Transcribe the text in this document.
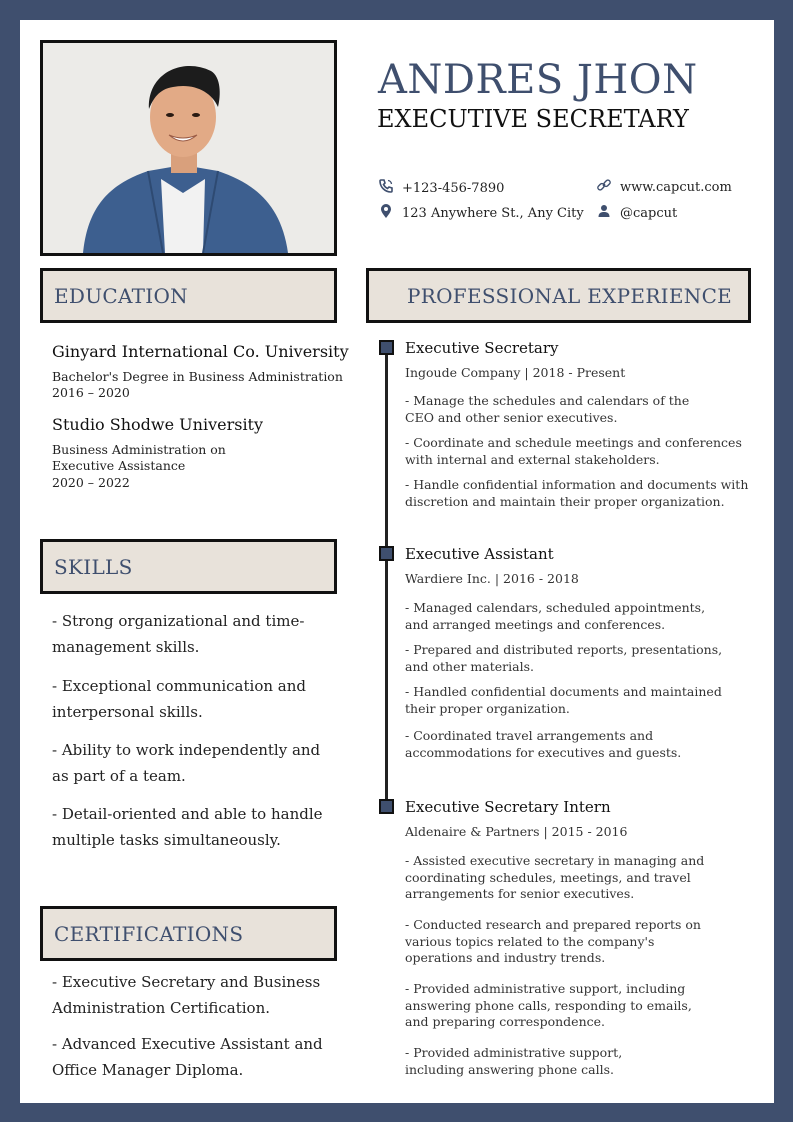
ANDRES JHON
EXECUTIVE SECRETARY
+123-456-7890	www.capcut.com
123 Anywhere St., Any City	@capcut
EDUCATION
Ginyard International Co. University
Bachelor's Degree in Business Administration
2016 – 2020
Studio Shodwe University
Business Administration on
Executive Assistance
2020 – 2022
SKILLS
- Strong organizational and time-management skills.
- Exceptional communication and interpersonal skills.
- Ability to work independently and as part of a team.
- Detail-oriented and able to handle multiple tasks simultaneously.
CERTIFICATIONS
- Executive Secretary and Business Administration Certification.
- Advanced Executive Assistant and Office Manager Diploma.
PROFESSIONAL EXPERIENCE
Executive Secretary
Ingoude Company | 2018 - Present
- Manage the schedules and calendars of the CEO and other senior executives.
- Coordinate and schedule meetings and conferences with internal and external stakeholders.
- Handle confidential information and documents with discretion and maintain their proper organization.
Executive Assistant
Wardiere Inc. | 2016 - 2018
- Managed calendars, scheduled appointments, and arranged meetings and conferences.
- Prepared and distributed reports, presentations, and other materials.
- Handled confidential documents and maintained their proper organization.
- Coordinated travel arrangements and accommodations for executives and guests.
Executive Secretary Intern
Aldenaire & Partners | 2015 - 2016
- Assisted executive secretary in managing and coordinating schedules, meetings, and travel arrangements for senior executives.
- Conducted research and prepared reports on various topics related to the company's operations and industry trends.
- Provided administrative support, including answering phone calls, responding to emails, and preparing correspondence.
- Provided administrative support, including answering phone calls.
